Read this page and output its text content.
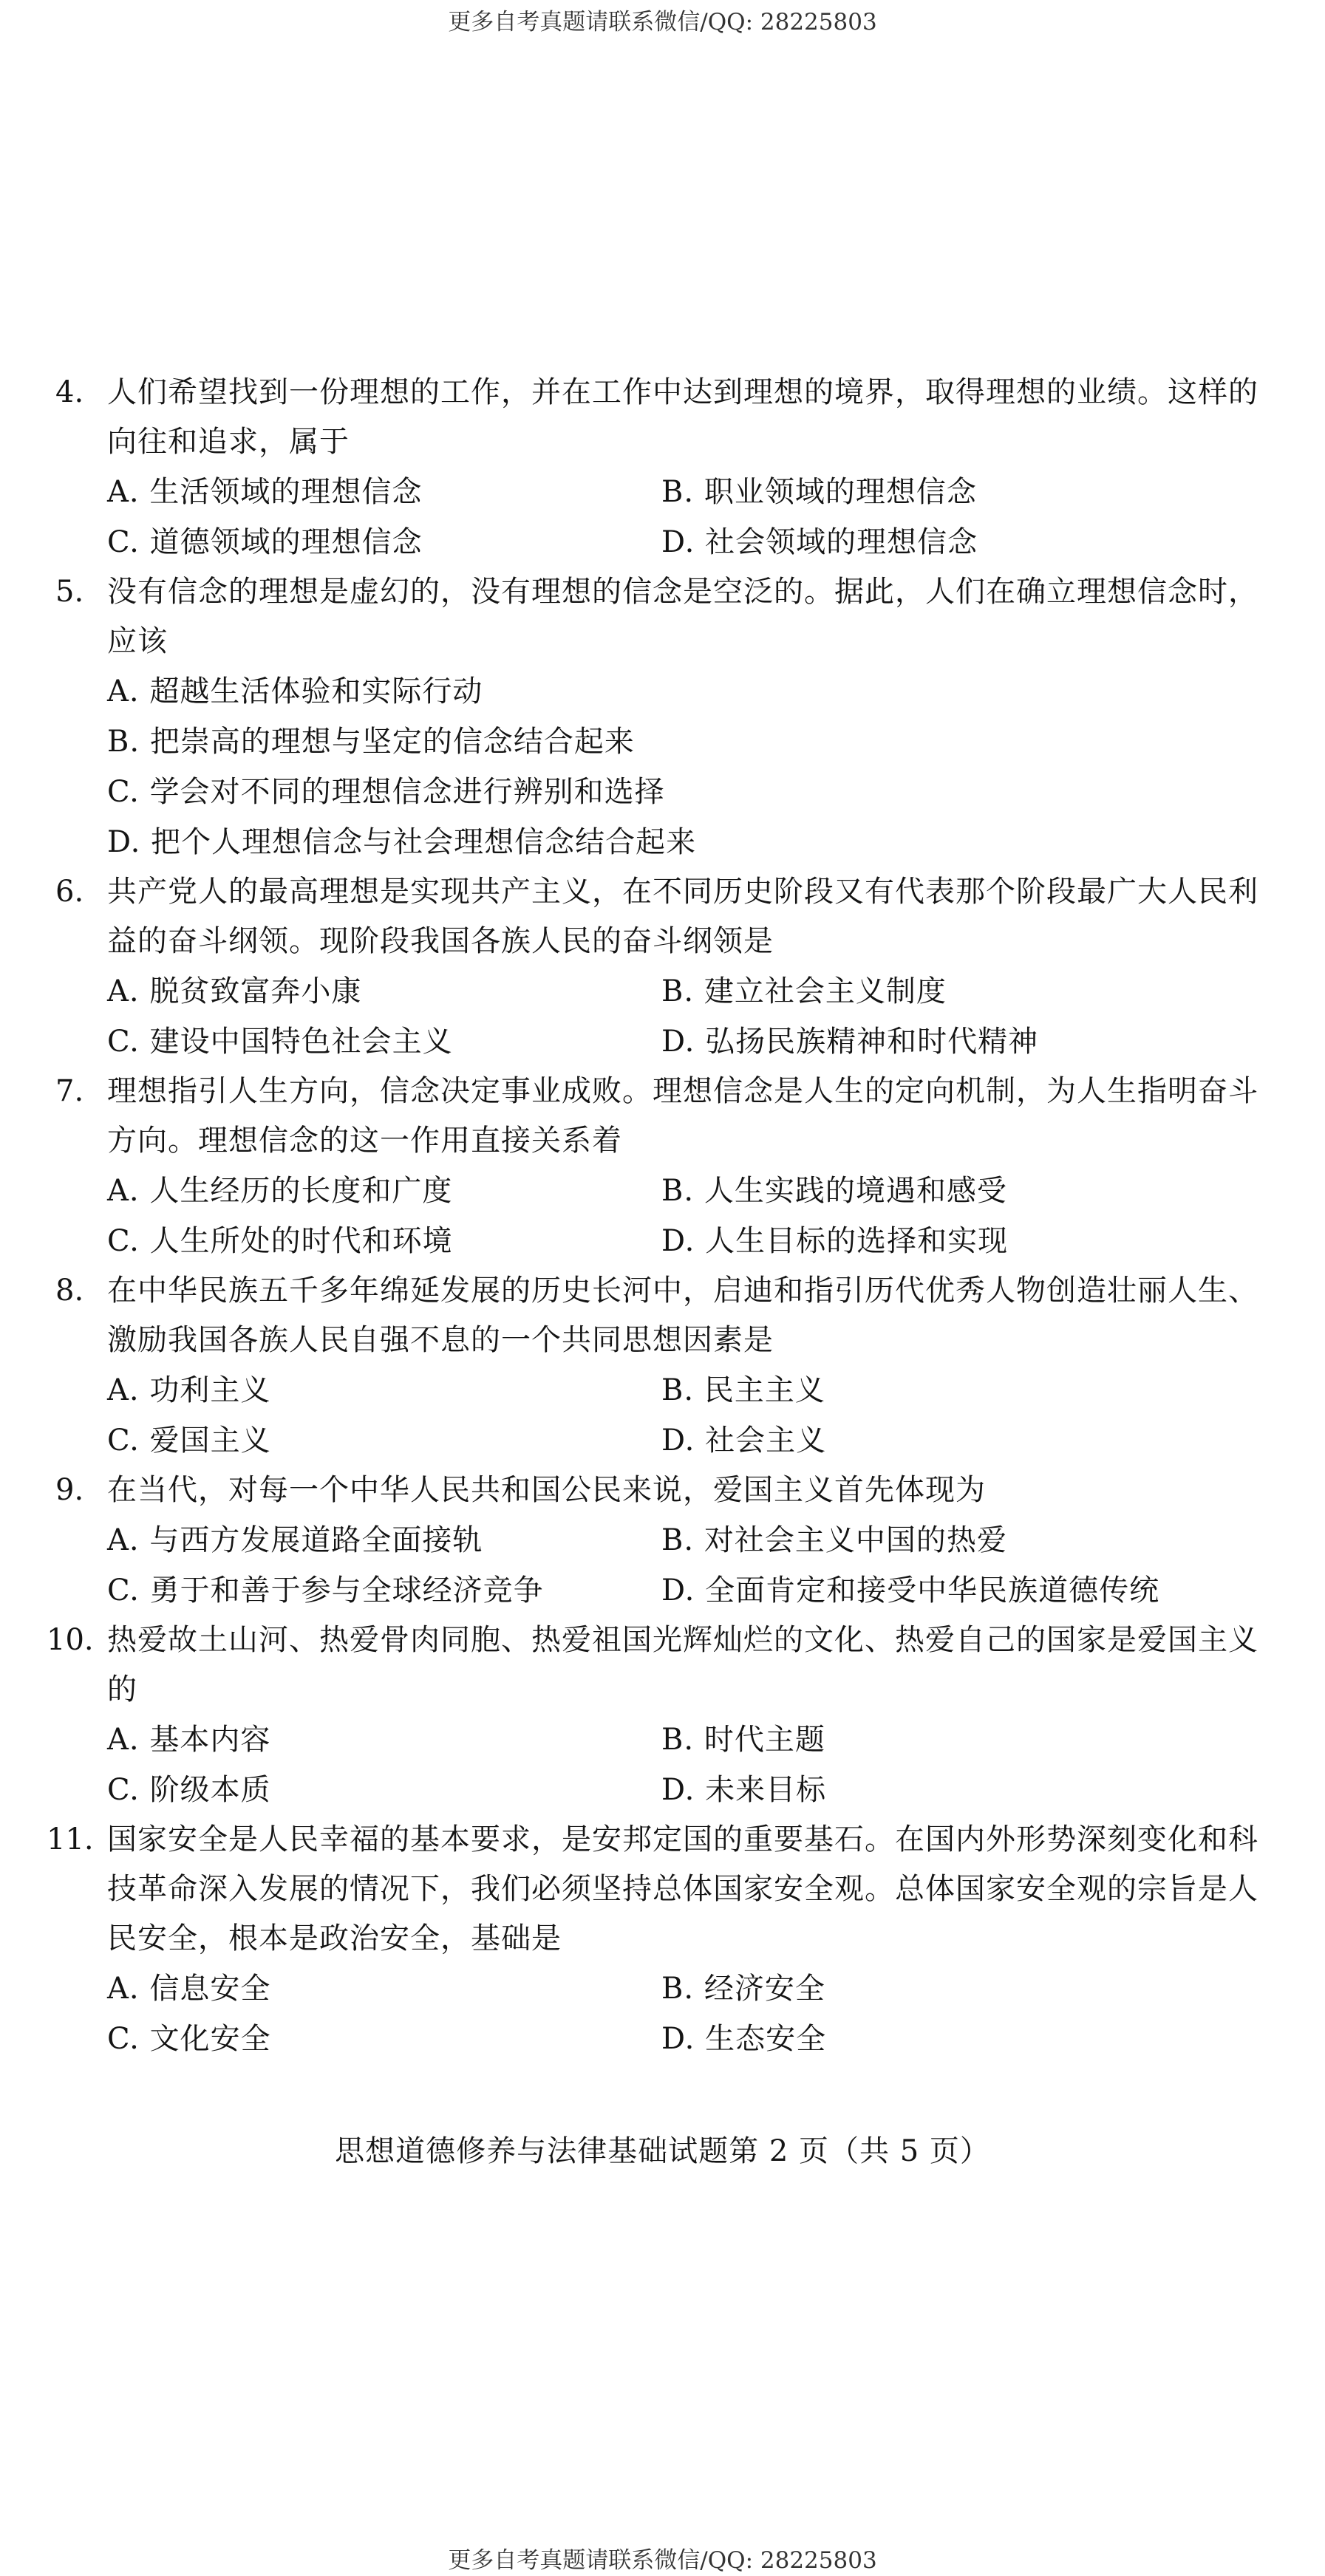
更多自考真题请联系微信/QQ: 28225803
4. 人们希望找到一份理想的工作，并在工作中达到理想的境界，取得理想的业绩。这样的向往和追求，属于
A. 生活领域的理想信念	B. 职业领域的理想信念
C. 道德领域的理想信念	D. 社会领域的理想信念
5. 没有信念的理想是虚幻的，没有理想的信念是空泛的。据此，人们在确立理想信念时，应该
A. 超越生活体验和实际行动
B. 把崇高的理想与坚定的信念结合起来
C. 学会对不同的理想信念进行辨别和选择
D. 把个人理想信念与社会理想信念结合起来
6. 共产党人的最高理想是实现共产主义，在不同历史阶段又有代表那个阶段最广大人民利益的奋斗纲领。现阶段我国各族人民的奋斗纲领是
A. 脱贫致富奔小康	B. 建立社会主义制度
C. 建设中国特色社会主义	D. 弘扬民族精神和时代精神
7. 理想指引人生方向，信念决定事业成败。理想信念是人生的定向机制，为人生指明奋斗方向。理想信念的这一作用直接关系着
A. 人生经历的长度和广度	B. 人生实践的境遇和感受
C. 人生所处的时代和环境	D. 人生目标的选择和实现
8. 在中华民族五千多年绵延发展的历史长河中，启迪和指引历代优秀人物创造壮丽人生、激励我国各族人民自强不息的一个共同思想因素是
A. 功利主义	B. 民主主义
C. 爱国主义	D. 社会主义
9. 在当代，对每一个中华人民共和国公民来说，爱国主义首先体现为
A. 与西方发展道路全面接轨	B. 对社会主义中国的热爱
C. 勇于和善于参与全球经济竞争	D. 全面肯定和接受中华民族道德传统
10. 热爱故土山河、热爱骨肉同胞、热爱祖国光辉灿烂的文化、热爱自己的国家是爱国主义的
A. 基本内容	B. 时代主题
C. 阶级本质	D. 未来目标
11. 国家安全是人民幸福的基本要求，是安邦定国的重要基石。在国内外形势深刻变化和科技革命深入发展的情况下，我们必须坚持总体国家安全观。总体国家安全观的宗旨是人民安全，根本是政治安全，基础是
A. 信息安全	B. 经济安全
C. 文化安全	D. 生态安全
思想道德修养与法律基础试题第 2 页（共 5 页）
更多自考真题请联系微信/QQ: 28225803
